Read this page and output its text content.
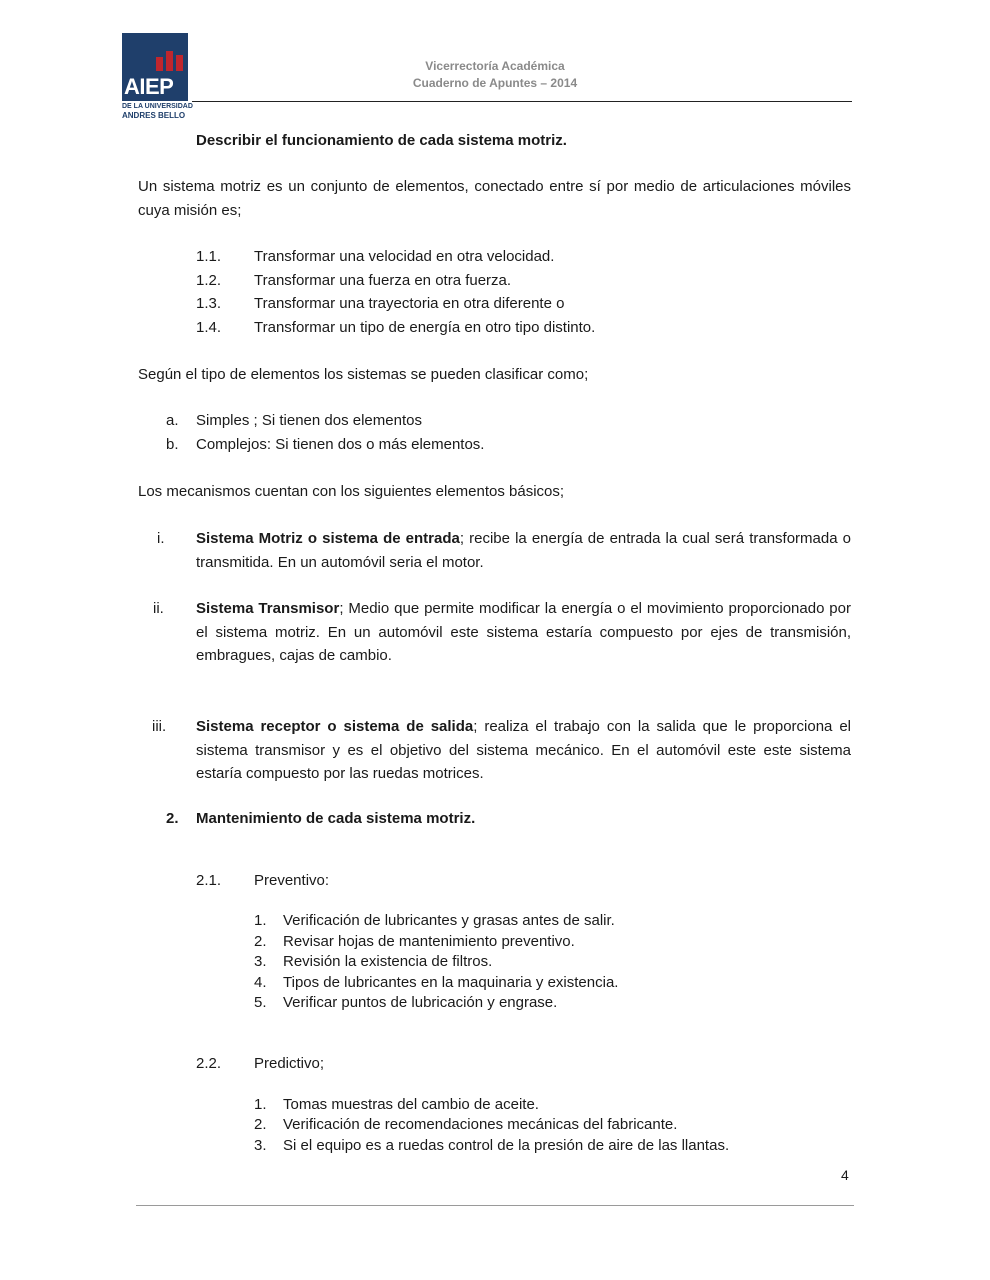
AIEP
DE LA UNIVERSIDAD
ANDRES BELLO
Vicerrectoría Académica
Cuaderno de Apuntes – 2014
Describir el funcionamiento de cada sistema motriz.
Un sistema motriz es un conjunto de elementos, conectado entre sí por medio de articulaciones móviles cuya misión es;
1.1. Transformar una velocidad en otra velocidad.
1.2. Transformar una fuerza en otra fuerza.
1.3. Transformar una trayectoria en otra diferente o
1.4. Transformar un tipo de energía en otro tipo distinto.
Según el tipo de elementos los sistemas se pueden clasificar como;
a. Simples ; Si tienen dos elementos
b. Complejos: Si tienen dos o más elementos.
Los mecanismos cuentan con los siguientes elementos básicos;
i. Sistema Motriz o sistema de entrada; recibe la energía de entrada la cual será transformada o transmitida. En un automóvil seria el motor.
ii. Sistema Transmisor; Medio que permite modificar la energía o el movimiento proporcionado por el sistema motriz. En un automóvil este sistema estaría compuesto por ejes de transmisión, embragues, cajas de cambio.
iii. Sistema receptor o sistema de salida; realiza el trabajo con la salida que le proporciona el sistema transmisor y es el objetivo del sistema mecánico. En el automóvil este este sistema estaría compuesto por las ruedas motrices.
2. Mantenimiento de cada sistema motriz.
2.1. Preventivo:
1. Verificación de lubricantes y grasas antes de salir.
2. Revisar hojas de mantenimiento preventivo.
3. Revisión la existencia de filtros.
4. Tipos de lubricantes en la maquinaria y existencia.
5. Verificar puntos de lubricación y engrase.
2.2. Predictivo;
1. Tomas muestras del cambio de aceite.
2. Verificación de recomendaciones mecánicas del fabricante.
3. Si el equipo es a ruedas control de la presión de aire de las llantas.
4
